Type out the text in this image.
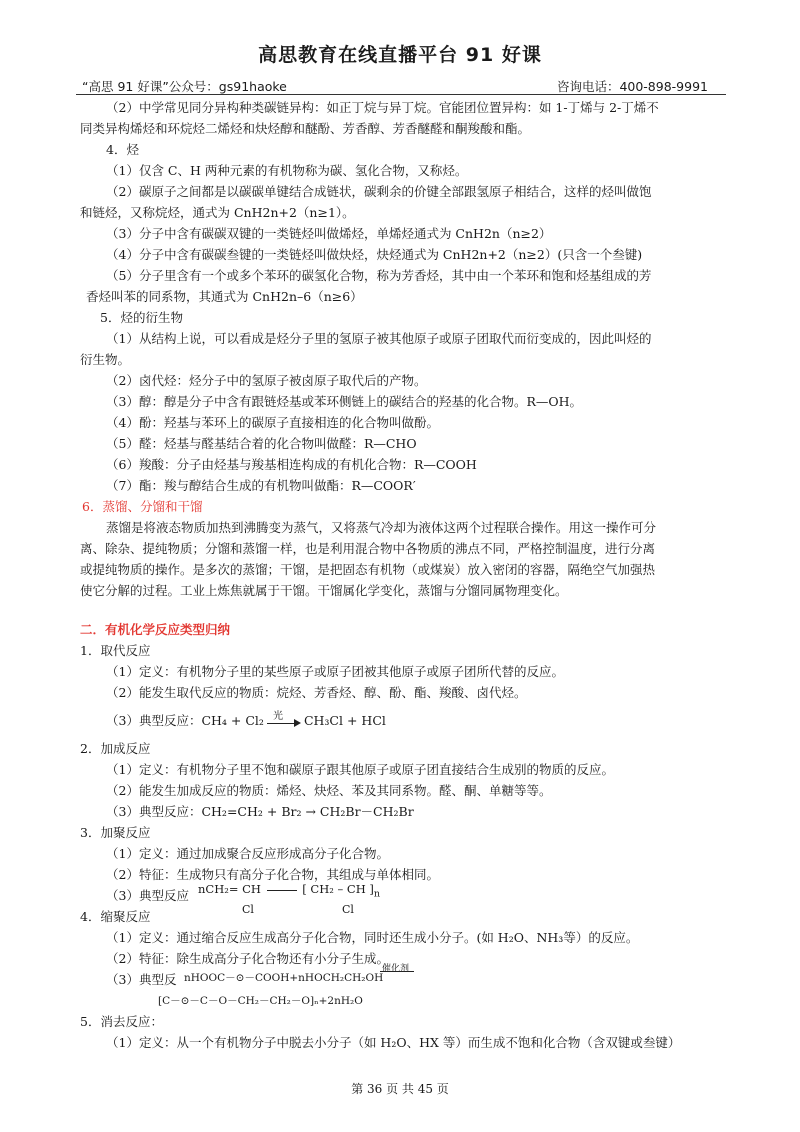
高思教育在线直播平台 91 好课
“高思 91 好课”公众号：gs91haoke	咨询电话：400-898-9991

（2）中学常见同分异构种类碳链异构：如正丁烷与异丁烷。官能团位置异构：如 1-丁烯与 2-丁烯不

同类异构烯烃和环烷烃二烯烃和炔烃醇和醚酚、芳香醇、芳香醚醛和酮羧酸和酯。

4．烃

（1）仅含 C、H 两种元素的有机物称为碳、氢化合物，又称烃。

（2）碳原子之间都是以碳碳单键结合成链状，碳剩余的价键全部跟氢原子相结合，这样的烃叫做饱

和链烃，又称烷烃，通式为 CnH2n+2（n≥1）。

（3）分子中含有碳碳双键的一类链烃叫做烯烃，单烯烃通式为 CnH2n（n≥2）

（4）分子中含有碳碳叁键的一类链烃叫做炔烃，炔烃通式为 CnH2n+2（n≥2）(只含一个叁键)

（5）分子里含有一个或多个苯环的碳氢化合物，称为芳香烃，其中由一个苯环和饱和烃基组成的芳

香烃叫苯的同系物，其通式为 CnH2n–6（n≥6）

5．烃的衍生物

（1）从结构上说，可以看成是烃分子里的氢原子被其他原子或原子团取代而衍变成的，因此叫烃的

衍生物。

（2）卤代烃：烃分子中的氢原子被卤原子取代后的产物。

（3）醇：醇是分子中含有跟链烃基或苯环侧链上的碳结合的羟基的化合物。R—OH。

（4）酚：羟基与苯环上的碳原子直接相连的化合物叫做酚。

（5）醛：烃基与醛基结合着的化合物叫做醛：R—CHO

（6）羧酸：分子由烃基与羧基相连构成的有机化合物：R—COOH

（7）酯：羧与醇结合生成的有机物叫做酯：R—COOR′

6．蒸馏、分馏和干馏

蒸馏是将液态物质加热到沸腾变为蒸气，又将蒸气冷却为液体这两个过程联合操作。用这一操作可分

离、除杂、提纯物质；分馏和蒸馏一样，也是利用混合物中各物质的沸点不同，严格控制温度，进行分离

或提纯物质的操作。是多次的蒸馏；干馏，是把固态有机物（或煤炭）放入密闭的容器，隔绝空气加强热

使它分解的过程。工业上炼焦就属于干馏。干馏属化学变化，蒸馏与分馏同属物理变化。

二．有机化学反应类型归纳

1．取代反应

（1）定义：有机物分子里的某些原子或原子团被其他原子或原子团所代替的反应。

（2）能发生取代反应的物质：烷烃、芳香烃、醇、酚、酯、羧酸、卤代烃。

（3）典型反应：CH₄ + Cl₂ 光 CH₃Cl + HCl

2．加成反应

（1）定义：有机物分子里不饱和碳原子跟其他原子或原子团直接结合生成别的物质的反应。

（2）能发生加成反应的物质：烯烃、炔烃、苯及其同系物。醛、酮、单糖等等。

（3）典型反应：CH₂=CH₂ + Br₂ → CH₂Br－CH₂Br

3．加聚反应

（1）定义：通过加成聚合反应形成高分子化合物。

（2）特征：生成物只有高分子化合物，其组成与单体相同。

（3）典型反应 nCH₂= CH	[ CH₂ – CH ]$_n$
Cl	Cl

4．缩聚反应

（1）定义：通过缩合反应生成高分子化合物，同时还生成小分子。(如 H₂O、NH₃等）的反应。

（2）特征：除生成高分子化合物还有小分子生成。

（3）典型反 nHOOC－⊙－COOH+nHOCH₂CH₂OH
催化剂
[C－⊙－C－O－CH₂－CH₂－O]ₙ+2nH₂O

5．消去反应：

（1）定义：从一个有机物分子中脱去小分子（如 H₂O、HX 等）而生成不饱和化合物（含双键或叁键）

第 36 页 共 45 页
